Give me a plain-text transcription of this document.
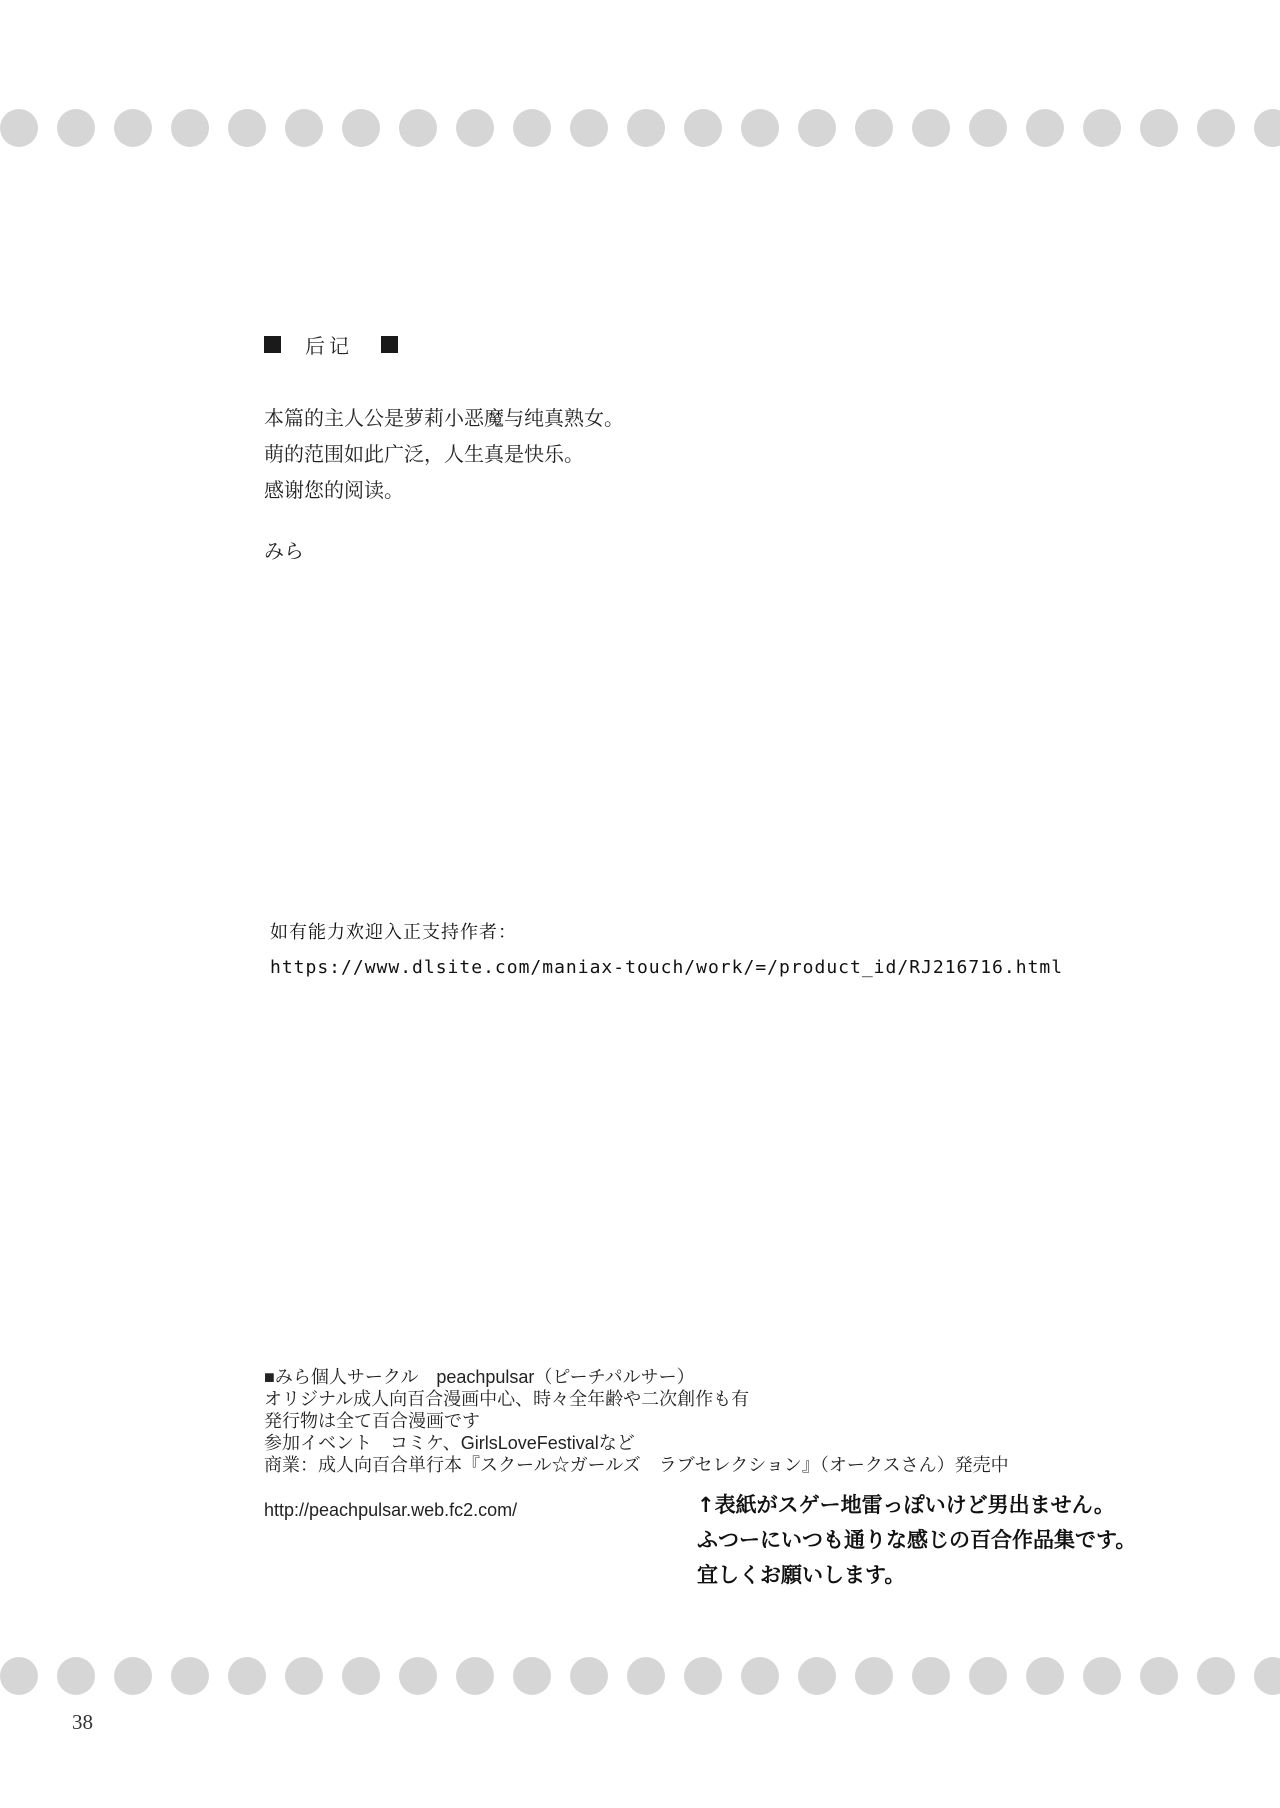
后记
本篇的主人公是萝莉小恶魔与纯真熟女。
萌的范围如此广泛，人生真是快乐。
感谢您的阅读。
みら
如有能力欢迎入正支持作者：
https://www.dlsite.com/maniax-touch/work/=/product_id/RJ216716.html
■みら個人サークル　peachpulsar（ピーチパルサー）
オリジナル成人向百合漫画中心、時々全年齢や二次創作も有
発行物は全て百合漫画です
参加イベント　コミケ、GirlsLoveFestivalなど
商業：成人向百合単行本『スクール☆ガールズ　ラブセレクション』（オークスさん）発売中
http://peachpulsar.web.fc2.com/	↑表紙がスゲー地雷っぽいけど男出ません。
ふつーにいつも通りな感じの百合作品集です。
宜しくお願いします。
38
